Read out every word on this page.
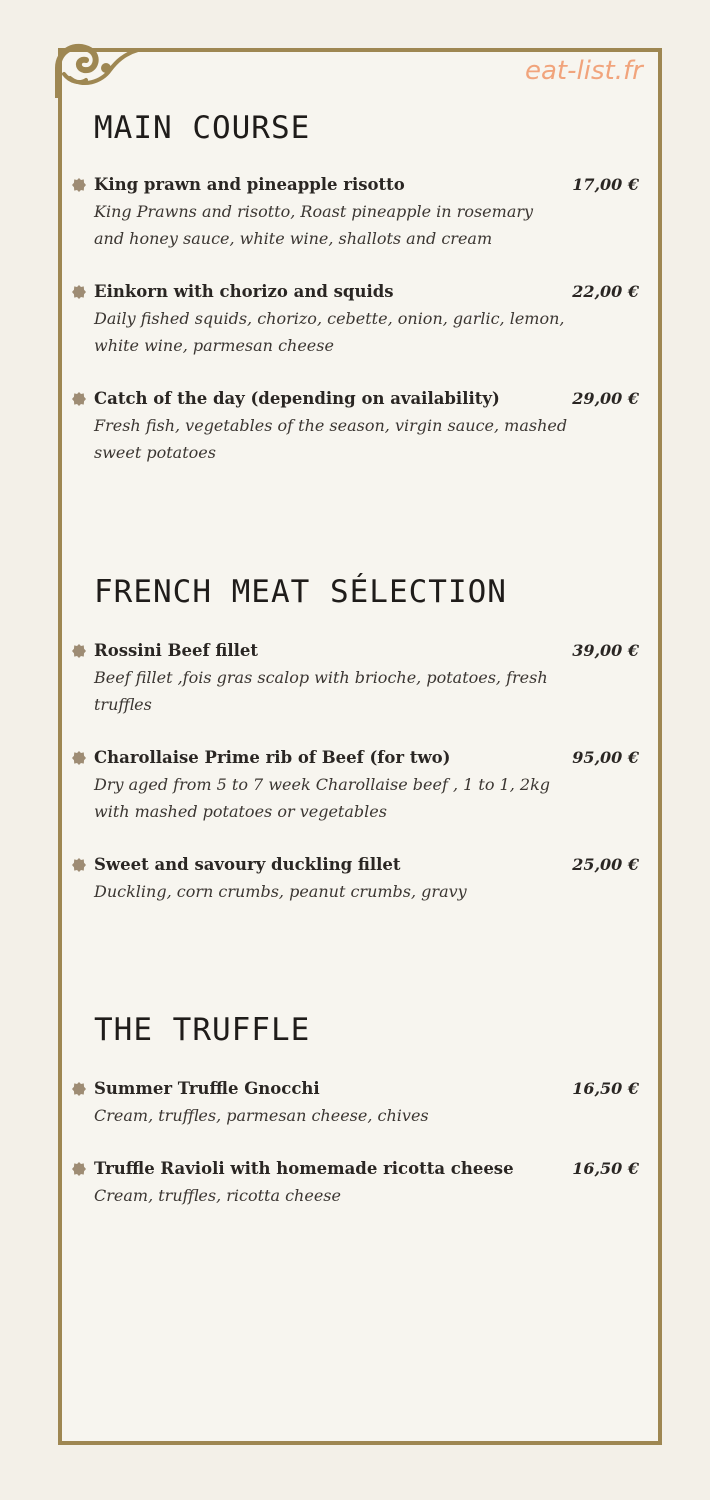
eat-list.fr
MAIN COURSE
King prawn and pineapple risotto	17,00 €
King Prawns and risotto, Roast pineapple in rosemary
and honey sauce, white wine, shallots and cream
Einkorn with chorizo and squids	22,00 €
Daily fished squids, chorizo, cebette, onion, garlic, lemon,
white wine, parmesan cheese
Catch of the day (depending on availability)	29,00 €
Fresh fish, vegetables of the season, virgin sauce, mashed
sweet potatoes
FRENCH MEAT SÉLECTION
Rossini Beef fillet	39,00 €
Beef fillet ,fois gras scalop with brioche, potatoes, fresh
truffles
Charollaise Prime rib of Beef (for two)	95,00 €
Dry aged from 5 to 7 week Charollaise beef , 1 to 1, 2kg
with mashed potatoes or vegetables
Sweet and savoury duckling fillet	25,00 €
Duckling, corn crumbs, peanut crumbs, gravy
THE TRUFFLE
Summer Truffle Gnocchi	16,50 €
Cream, truffles, parmesan cheese, chives
Truffle Ravioli with homemade ricotta cheese	16,50 €
Cream, truffles, ricotta cheese
